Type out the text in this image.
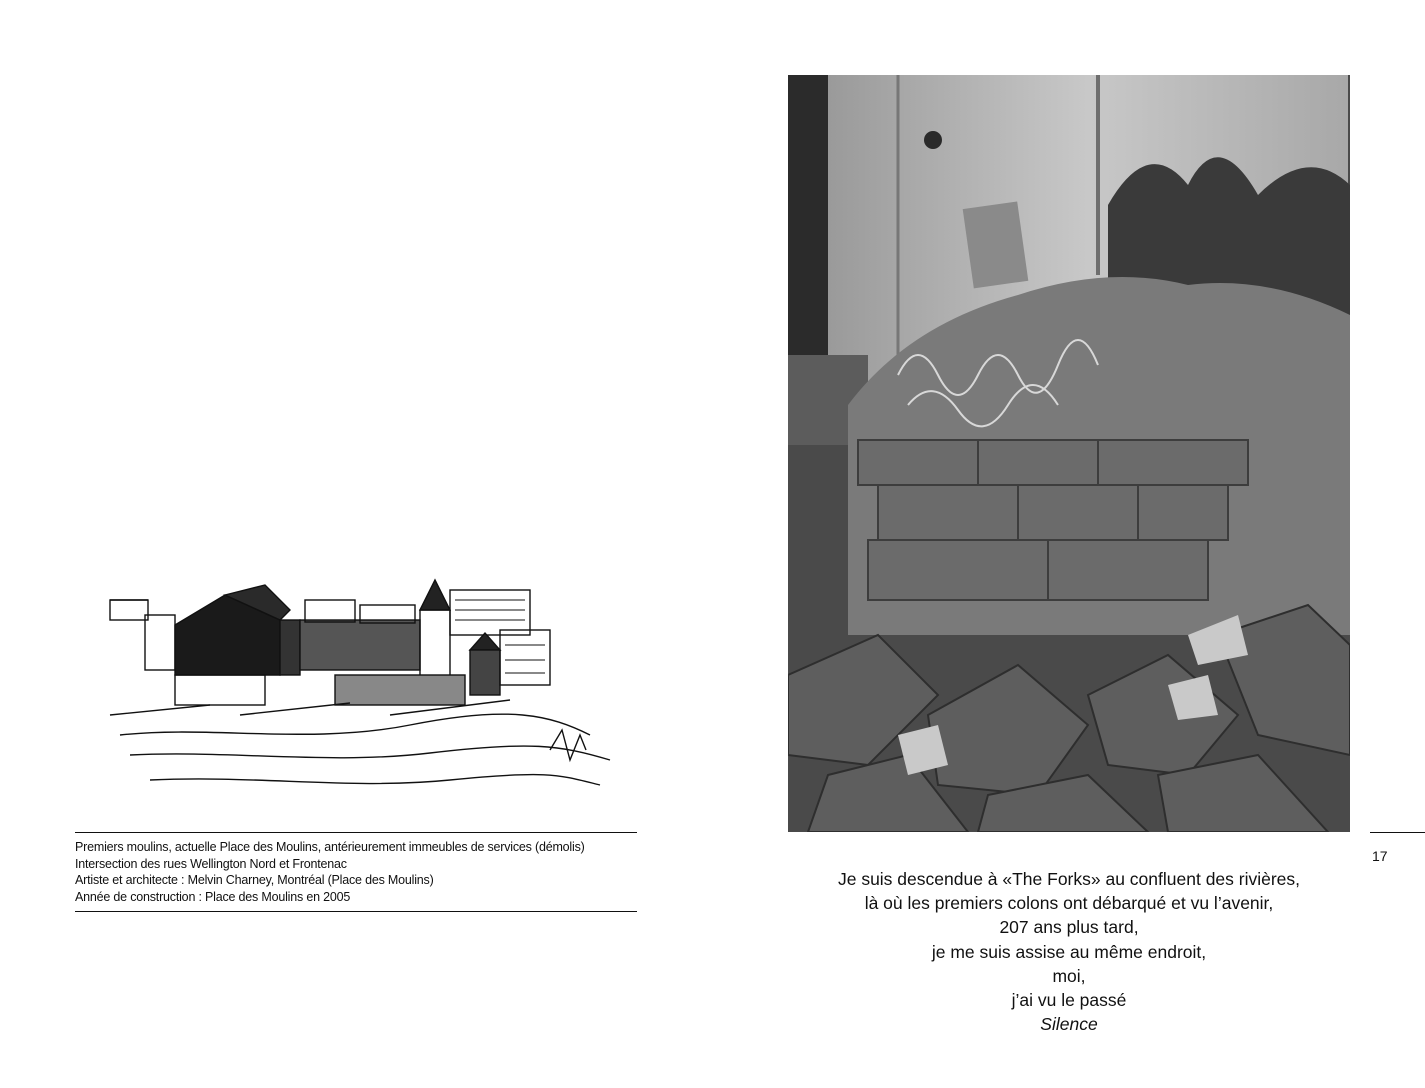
Premiers moulins, actuelle Place des Moulins, antérieurement immeubles de services (démolis)
Intersection des rues Wellington Nord et Frontenac
Artiste et architecte : Melvin Charney, Montréal (Place des Moulins)
Année de construction : Place des Moulins en 2005
17
Je suis descendue à «The Forks» au confluent des rivières,
là où les premiers colons ont débarqué et vu l’avenir,
207 ans plus tard,
je me suis assise au même endroit,
moi,
j’ai vu le passé
Silence
